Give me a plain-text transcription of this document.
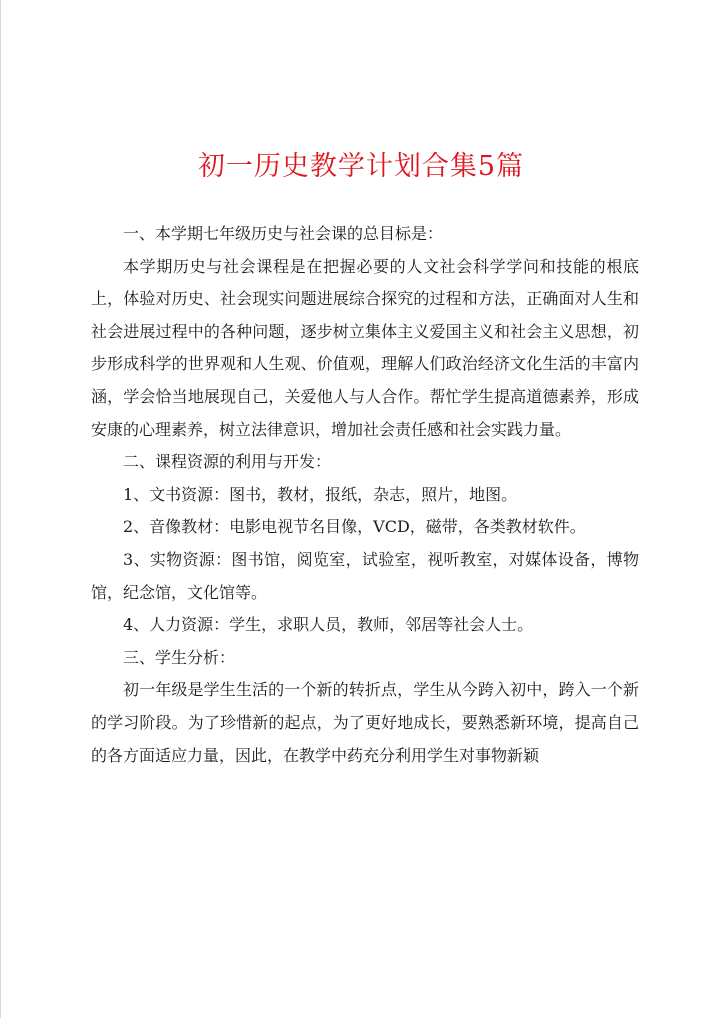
初一历史教学计划合集5篇

一、本学期七年级历史与社会课的总目标是：

本学期历史与社会课程是在把握必要的人文社会科学学问和技能的根底上，体验对历史、社会现实问题进展综合探究的过程和方法，正确面对人生和社会进展过程中的各种问题，逐步树立集体主义爱国主义和社会主义思想，初步形成科学的世界观和人生观、价值观，理解人们政治经济文化生活的丰富内涵，学会恰当地展现自己，关爱他人与人合作。帮忙学生提高道德素养，形成安康的心理素养，树立法律意识，增加社会责任感和社会实践力量。

二、课程资源的利用与开发：

1、文书资源：图书，教材，报纸，杂志，照片，地图。

2、音像教材：电影电视节名目像，VCD，磁带，各类教材软件。

3、实物资源：图书馆，阅览室，试验室，视听教室，对媒体设备，博物馆，纪念馆，文化馆等。

4、人力资源：学生，求职人员，教师，邻居等社会人士。

三、学生分析：

初一年级是学生生活的一个新的转折点，学生从今跨入初中，跨入一个新的学习阶段。为了珍惜新的起点，为了更好地成长，要熟悉新环境，提高自己的各方面适应力量，因此，在教学中药充分利用学生对事物新颖
